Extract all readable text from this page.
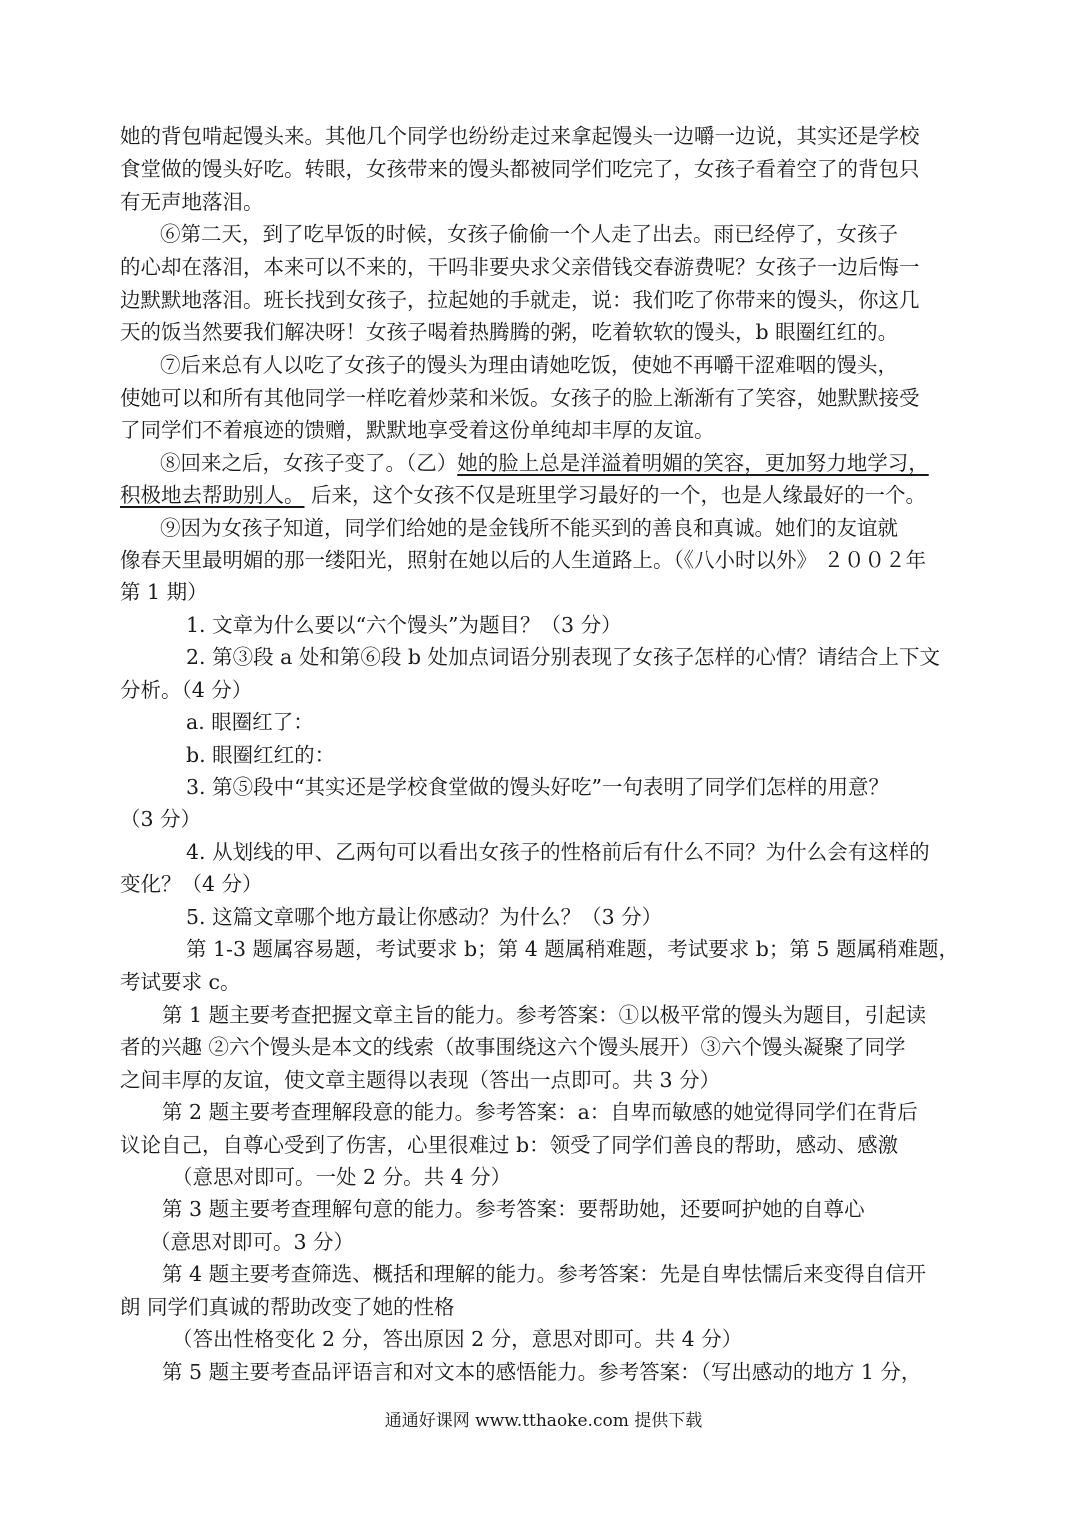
她的背包啃起馒头来。其他几个同学也纷纷走过来拿起馒头一边嚼一边说，其实还是学校
食堂做的馒头好吃。转眼，女孩带来的馒头都被同学们吃完了，女孩子看着空了的背包只
有无声地落泪。
⑥第二天，到了吃早饭的时候，女孩子偷偷一个人走了出去。雨已经停了，女孩子
的心却在落泪，本来可以不来的，干吗非要央求父亲借钱交春游费呢？女孩子一边后悔一
边默默地落泪。班长找到女孩子，拉起她的手就走，说：我们吃了你带来的馒头，你这几
天的饭当然要我们解决呀！女孩子喝着热腾腾的粥，吃着软软的馒头，b 眼圈红红的。
⑦后来总有人以吃了女孩子的馒头为理由请她吃饭，使她不再嚼干涩难咽的馒头，
使她可以和所有其他同学一样吃着炒菜和米饭。女孩子的脸上渐渐有了笑容，她默默接受
了同学们不着痕迹的馈赠，默默地享受着这份单纯却丰厚的友谊。
⑧回来之后，女孩子变了。（乙）她的脸上总是洋溢着明媚的笑容，更加努力地学习，
积极地去帮助别人。 后来，这个女孩不仅是班里学习最好的一个，也是人缘最好的一个。
⑨因为女孩子知道，同学们给她的是金钱所不能买到的善良和真诚。她们的友谊就
像春天里最明媚的那一缕阳光，照射在她以后的人生道路上。（《八小时以外》 ２００２年
第 1 期）
1. 文章为什么要以“六个馒头”为题目？（3 分）
2. 第③段 a 处和第⑥段 b 处加点词语分别表现了女孩子怎样的心情？请结合上下文
分析。（4 分）
a. 眼圈红了：
b. 眼圈红红的：
3. 第⑤段中“其实还是学校食堂做的馒头好吃”一句表明了同学们怎样的用意？
（3 分）
4. 从划线的甲、乙两句可以看出女孩子的性格前后有什么不同？为什么会有这样的
变化？（4 分）
5. 这篇文章哪个地方最让你感动？为什么？（3 分）
第 1-3 题属容易题，考试要求 b；第 4 题属稍难题，考试要求 b；第 5 题属稍难题，
考试要求 c。
第 1 题主要考查把握文章主旨的能力。参考答案：①以极平常的馒头为题目，引起读
者的兴趣 ②六个馒头是本文的线索（故事围绕这六个馒头展开）③六个馒头凝聚了同学
之间丰厚的友谊，使文章主题得以表现（答出一点即可。共 3 分）
第 2 题主要考查理解段意的能力。参考答案：a：自卑而敏感的她觉得同学们在背后
议论自己，自尊心受到了伤害，心里很难过 b：领受了同学们善良的帮助，感动、感激
（意思对即可。一处 2 分。共 4 分）
第 3 题主要考查理解句意的能力。参考答案：要帮助她，还要呵护她的自尊心
（意思对即可。3 分）
第 4 题主要考查筛选、概括和理解的能力。参考答案：先是自卑怯懦后来变得自信开
朗 同学们真诚的帮助改变了她的性格
（答出性格变化 2 分，答出原因 2 分，意思对即可。共 4 分）
第 5 题主要考查品评语言和对文本的感悟能力。参考答案：（写出感动的地方 1 分，
通通好课网 www.tthaoke.com 提供下载
